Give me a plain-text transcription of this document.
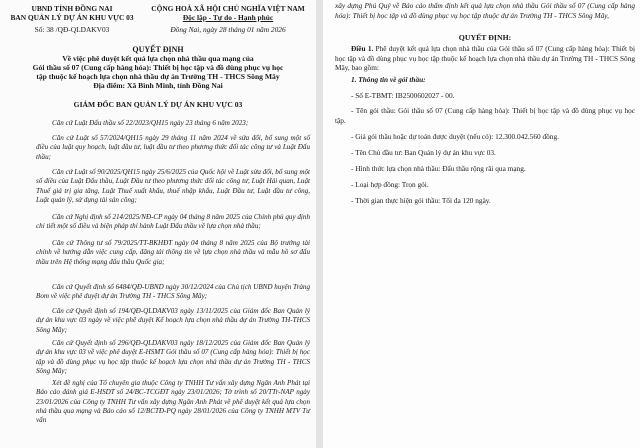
UBND TỈNH ĐỒNG NAI
BAN QUẢN LÝ DỰ ÁN KHU VỰC 03
Số: 38 /QĐ-QLDAKV03
CỘNG HOÀ XÃ HỘI CHỦ NGHĨA VIỆT NAM
Độc lập - Tự do - Hạnh phúc
Đồng Nai, ngày 28 tháng 01 năm 2026
QUYẾT ĐỊNH
Về việc phê duyệt kết quả lựa chọn nhà thầu qua mạng của
Gói thầu số 07 (Cung cấp hàng hóa): Thiết bị học tập và đồ dùng phục vụ học
tập thuộc kế hoạch lựa chọn nhà thầu dự án Trường TH - THCS Sông Mây
Địa điểm: Xã Bình Minh, tỉnh Đồng Nai
GIÁM ĐỐC BAN QUẢN LÝ DỰ ÁN KHU VỰC 03
Căn cứ Luật Đấu thầu số 22/2023/QH15 ngày 23 tháng 6 năm 2023;
Căn cứ Luật số 57/2024/QH15 ngày 29 tháng 11 năm 2024 về sửa đổi, bổ sung một số điều của luật quy hoạch, luật đầu tư, luật đầu tư theo phương thức đối tác công tư và Luật Đấu thầu;
Căn cứ Luật số 90/2025/QH15 ngày 25/6/2025 của Quốc hội về Luật sửa đổi, bổ sung một số điều của Luật Đấu thầu, Luật Đầu tư theo phương thức đối tác công tư, Luật Hải quan, Luật Thuế giá trị gia tăng, Luật Thuế xuất khẩu, thuế nhập khẩu, Luật Đầu tư, Luật đầu tư công, Luật quản lý, sử dụng tài sản công;
Căn cứ Nghị định số 214/2025/NĐ-CP ngày 04 tháng 8 năm 2025 của Chính phủ quy định chi tiết một số điều và biện pháp thi hành Luật Đấu thầu về lựa chọn nhà thầu;
Căn cứ Thông tư số 79/2025/TT-BKHĐT ngày 04 tháng 8 năm 2025 của Bộ trưởng tài chính về hướng dẫn việc cung cấp, đăng tải thông tin về lựa chọn nhà thầu và mẫu hồ sơ đấu thầu trên Hệ thống mạng đấu thầu Quốc gia;
Căn cứ Quyết định số 6484/QĐ-UBND ngày 30/12/2024 của Chủ tịch UBND huyện Trảng Bom về việc phê duyệt dự án Trường TH - THCS Sông Mây;
Căn cứ Quyết định số 194/QĐ-QLDAKV03 ngày 13/11/2025 của Giám đốc Ban Quản lý dự án khu vực 03 ngày về việc phê duyệt Kế hoạch lựa chọn nhà thầu dự án Trường TH-THCS Sông Mây;
Căn cứ Quyết định số 296/QĐ-QLDAKV03 ngày 18/12/2025 của Giám đốc Ban Quản lý dự án khu vực 03 về việc phê duyệt E-HSMT Gói thầu số 07 (Cung cấp hàng hóa): Thiết bị học tập và đồ dùng phục vụ học tập thuộc kế hoạch lựa chọn nhà thầu dự án Trường TH - THCS Sông Mây;
Xét đề nghị của Tổ chuyên gia thuộc Công ty TNHH Tư vấn xây dựng Ngân Anh Phát tại Báo cáo đánh giá E-HSDT số 24/BC-TCGĐT ngày 23/01/2026; Tờ trình số 20/TTr-NAP ngày 23/01/2026 của Công ty TNHH Tư vấn xây dựng Ngân Anh Phát về phê duyệt kết quả lựa chọn nhà thầu qua mạng và Báo cáo số 12/BCTĐ-PQ ngày 28/01/2026 của Công ty TNHH MTV Tư vấn
xây dựng Phú Quý về Báo cáo thẩm định kết quả lựa chọn nhà thầu Gói thầu số 07 (Cung cấp hàng hóa): Thiết bị học tập và đồ dùng phục vụ học tập thuộc dự án Trường TH - THCS Sông Mây,
QUYẾT ĐỊNH:
Điều 1. Phê duyệt kết quả lựa chọn nhà thầu của Gói thầu số 07 (Cung cấp hàng hóa): Thiết bị học tập và đồ dùng phục vụ học tập thuộc kế hoạch lựa chọn nhà thầu dự án Trường TH - THCS Sông Mây, bao gồm:
1. Thông tin về gói thầu:
- Số E-TBMT: IB2500602027 - 00.
- Tên gói thầu: Gói thầu số 07 (Cung cấp hàng hóa): Thiết bị học tập và đồ dùng phục vụ học tập.
- Giá gói thầu hoặc dự toán được duyệt (nếu có): 12.300.042.560 đồng.
- Tên Chủ đầu tư: Ban Quản lý dự án khu vực 03.
- Hình thức lựa chọn nhà thầu: Đấu thầu rộng rãi qua mạng.
- Loại hợp đồng: Trọn gói.
- Thời gian thực hiện gói thầu: Tối đa 120 ngày.
